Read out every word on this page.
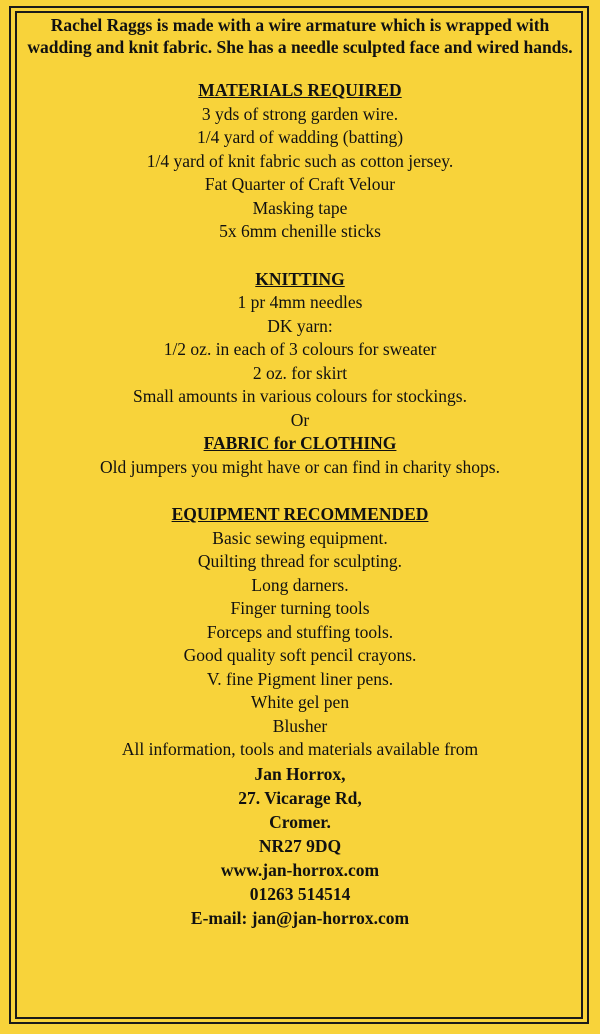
Rachel Raggs is made with a wire armature which is wrapped with wadding and knit fabric. She has a needle sculpted face and wired hands.
MATERIALS REQUIRED
3 yds of strong garden wire.
1/4 yard of wadding (batting)
1/4 yard of knit fabric such as cotton jersey.
Fat Quarter of Craft Velour
Masking tape
5x 6mm chenille sticks
KNITTING
1 pr 4mm needles
DK yarn:
1/2 oz. in each of 3 colours for sweater
2 oz. for skirt
Small amounts in various colours for stockings.
Or
FABRIC for CLOTHING
Old jumpers you might have or can find in charity shops.
EQUIPMENT RECOMMENDED
Basic sewing equipment.
Quilting thread for sculpting.
Long darners.
Finger turning tools
Forceps and stuffing tools.
Good quality soft pencil crayons.
V. fine Pigment liner pens.
White gel pen
Blusher
All information, tools and materials available from
Jan Horrox,
27. Vicarage Rd,
Cromer.
NR27 9DQ
www.jan-horrox.com
01263 514514
E-mail: jan@jan-horrox.com
